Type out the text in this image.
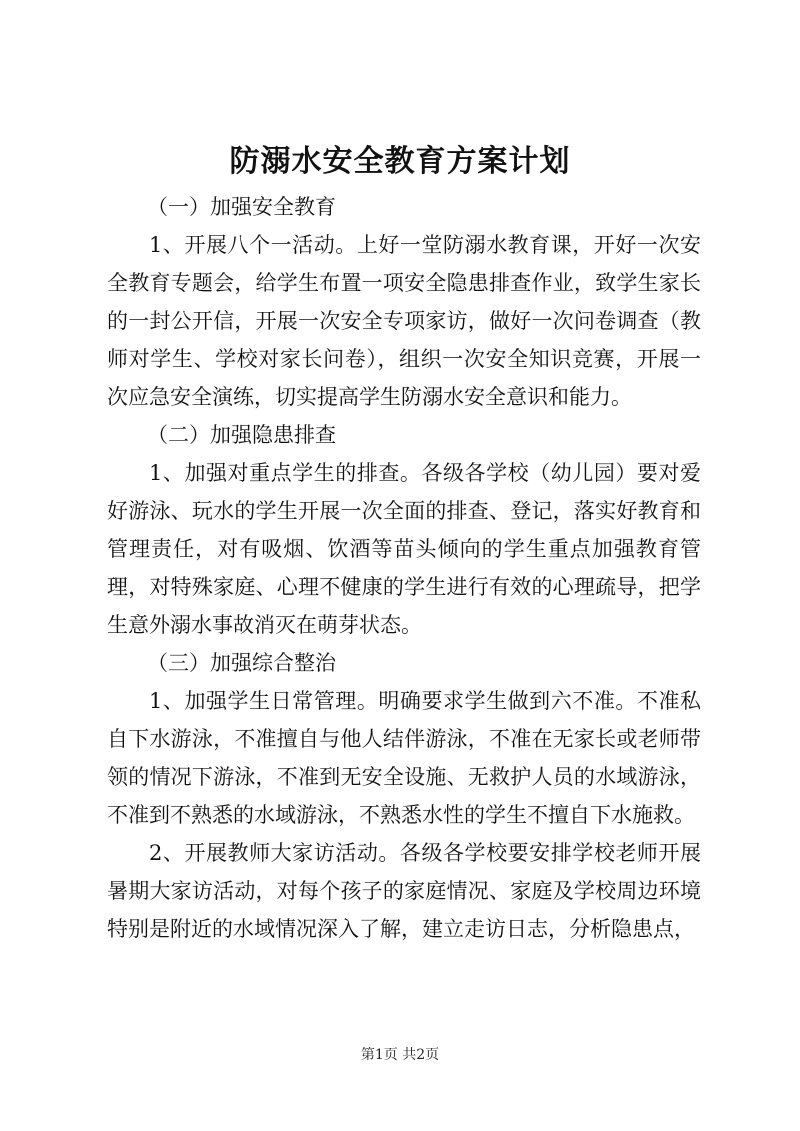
防溺水安全教育方案计划

（一）加强安全教育

1、开展八个一活动。上好一堂防溺水教育课，开好一次安全教育专题会，给学生布置一项安全隐患排查作业，致学生家长的一封公开信，开展一次安全专项家访，做好一次问卷调查（教师对学生、学校对家长问卷），组织一次安全知识竞赛，开展一次应急安全演练，切实提高学生防溺水安全意识和能力。

（二）加强隐患排查

1、加强对重点学生的排查。各级各学校（幼儿园）要对爱好游泳、玩水的学生开展一次全面的排查、登记，落实好教育和管理责任，对有吸烟、饮酒等苗头倾向的学生重点加强教育管理，对特殊家庭、心理不健康的学生进行有效的心理疏导，把学生意外溺水事故消灭在萌芽状态。

（三）加强综合整治

1、加强学生日常管理。明确要求学生做到六不准。不准私自下水游泳，不准擅自与他人结伴游泳，不准在无家长或老师带领的情况下游泳，不准到无安全设施、无救护人员的水域游泳，不准到不熟悉的水域游泳，不熟悉水性的学生不擅自下水施救。

2、开展教师大家访活动。各级各学校要安排学校老师开展暑期大家访活动，对每个孩子的家庭情况、家庭及学校周边环境特别是附近的水域情况深入了解，建立走访日志，分析隐患点，

第1页 共2页
